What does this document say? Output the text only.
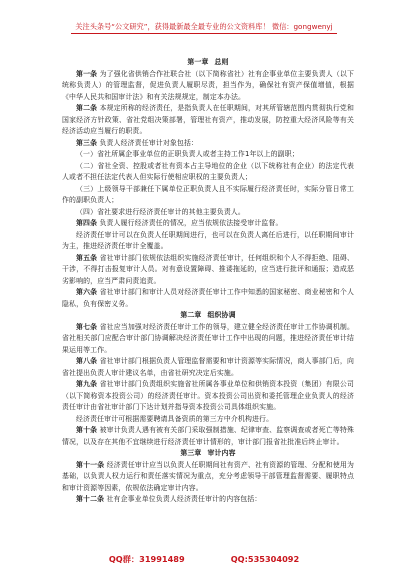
关注头条号“公文研究”，获得最新最全最专业的公文资料库！ 微信：gongwenyj

第一章 总则

第一条 为了强化省供销合作社联合社（以下简称省社）社有企事业单位主要负责人（以下统称负责人）的管理监督，促进负责人履职尽责，担当作为，确保社有资产保值增值，根据《中华人民共和国审计法》和有关法规规定，制定本办法。

第二条 本规定所称的经济责任，是指负责人在任职期间，对其所管辖范围内贯彻执行党和国家经济方针政策、省社党组决策部署，管理社有资产，推动发展，防控重大经济风险等有关经济活动应当履行的职责。

第三条 负责人经济责任审计对象包括：

（一）省社所属企事业单位的正职负责人或者主持工作1年以上的副职；

（二）省社全资、控股或者社有资本占主导地位的企业（以下统称社有企业）的法定代表人或者不担任法定代表人但实际行使相应职权的主要负责人；

（三）上级领导干部兼任下属单位正职负责人且不实际履行经济责任时，实际分管日常工作的副职负责人；

（四）省社要求进行经济责任审计的其他主要负责人。

第四条 负责人履行经济责任的情况，应当依规依法接受审计监督。

经济责任审计可以在负责人任职期间进行，也可以在负责人离任后进行，以任职期间审计为主，推进经济责任审计全覆盖。

第五条 省社审计部门依规依法组织实施经济责任审计，任何组织和个人不得拒绝、阻碍、干涉，不得打击报复审计人员。对有意设置障碍、推诿拖延的，应当进行批评和通报；造成恶劣影响的，应当严肃问责追责。

第六条 省社审计部门和审计人员对经济责任审计工作中知悉的国家秘密、商业秘密和个人隐私，负有保密义务。

第二章 组织协调

第七条 省社应当加强对经济责任审计工作的领导，建立健全经济责任审计工作协调机制。省社相关部门应配合审计部门协调解决经济责任审计工作中出现的问题，推进经济责任审计结果运用等工作。

第八条 省社审计部门根据负责人管理监督需要和审计资源等实际情况，商人事部门后，向省社提出负责人审计建议名单，由省社研究决定后实施。

第九条 省社审计部门负责组织实施省社所属各事业单位和供销资本投资（集团）有限公司（以下简称资本投资公司）的经济责任审计。资本投资公司出资和委托管理企业负责人的经济责任审计由省社审计部门下达计划并指导资本投资公司具体组织实施。

经济责任审计可根据需要聘请具备资质的第三方中介机构进行。

第十条 被审计负责人遇有被有关部门采取强制措施、纪律审查、监察调查或者死亡等特殊情况，以及存在其他不宜继续进行经济责任审计情形的，审计部门报省社批准后终止审计。

第三章 审计内容

第十一条 经济责任审计应当以负责人任职期间社有资产、社有资源的管理、分配和使用为基础，以负责人权力运行和责任落实情况为重点，充分考虑领导干部管理监督需要、履职特点和审计资源等因素，依规依法确定审计内容。

第十二条 社有企事业单位负责人经济责任审计的内容包括：

QQ群：31991489	QQ:535304092
